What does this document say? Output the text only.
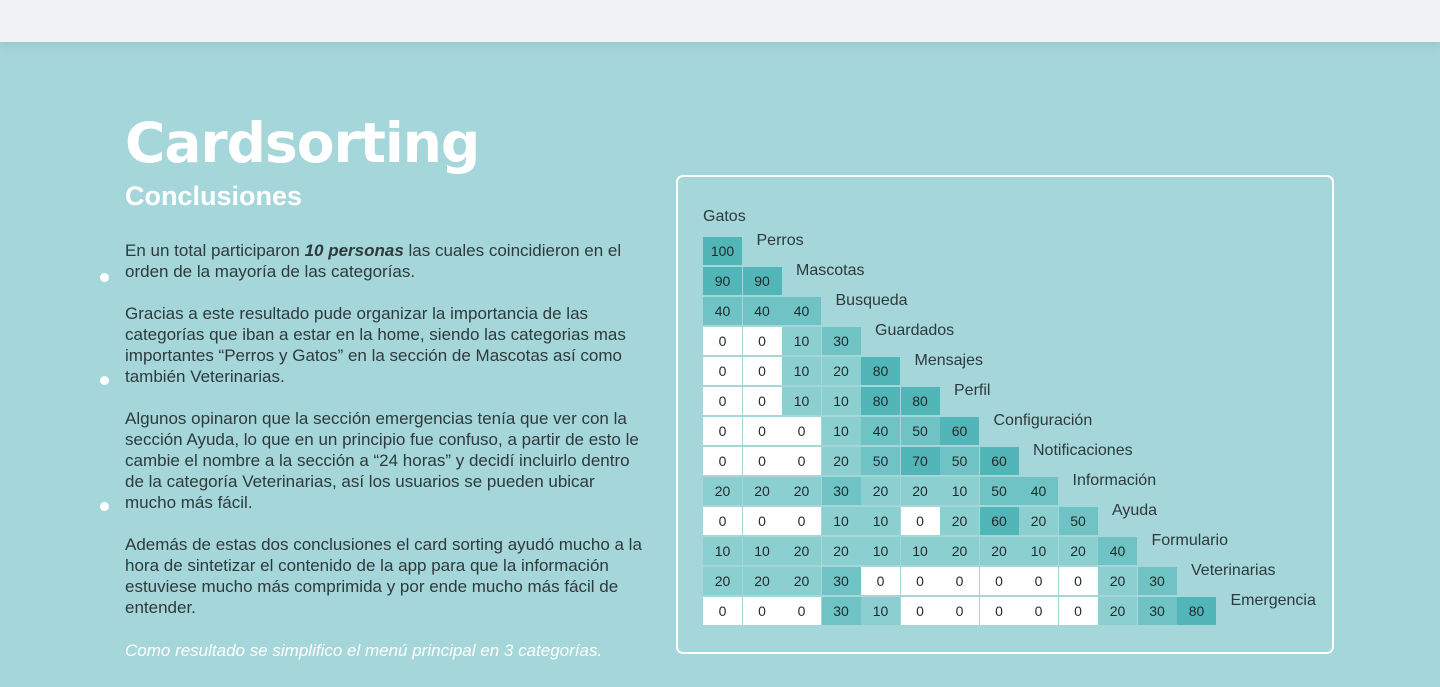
Cardsorting
Conclusiones

En un total participaron 10 personas las cuales coincidieron en el orden de la mayoría de las categorías.

Gracias a este resultado pude organizar la importancia de las categorías que iban a estar en la home, siendo las categorias mas importantes “Perros y Gatos” en la sección de Mascotas así como también Veterinarias.

Algunos opinaron que la sección emergencias tenía que ver con la sección Ayuda, lo que en un principio fue confuso, a partir de esto le cambie el nombre a la sección a “24 horas” y decidí incluirlo dentro de la categoría Veterinarias, así los usuarios se pueden ubicar mucho más fácil.

Además de estas dos conclusiones el card sorting ayudó mucho a la hora de sintetizar el contenido de la app para que la información estuviese mucho más comprimida y por ende mucho más fácil de entender.

Como resultado se simplifico el menú principal en 3 categorías.

Gatos
100
Perros
90	90
Mascotas
40	40	40
Busqueda
0	0	10	30
Guardados
0	0	10	20	80
Mensajes
0	0	10	10	80	80
Perfil
0	0	0	10	40	50	60
Configuración
0	0	0	20	50	70	50	60
Notificaciones
20	20	20	30	20	20	10	50	40
Información
0	0	0	10	10	0	20	60	20	50
Ayuda
10	10	20	20	10	10	20	20	10	20	40
Formulario
20	20	20	30	0	0	0	0	0	0	20	30
Veterinarias
0	0	0	30	10	0	0	0	0	0	20	30	80
Emergencia
